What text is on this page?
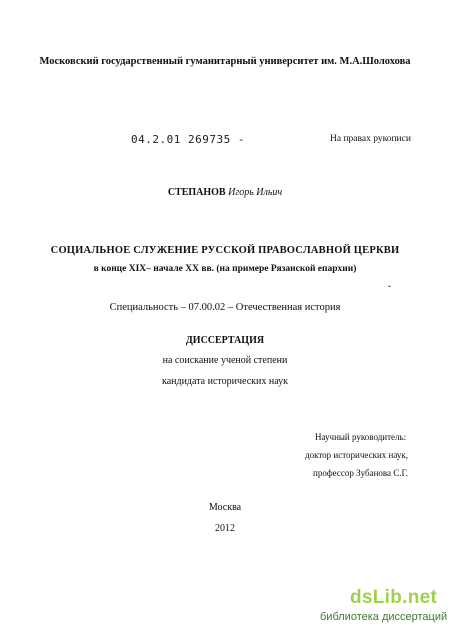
Московский государственный гуманитарный университет им. М.А.Шолохова
04.2.01 269735 -	На правах рукописи
СТЕПАНОВ Игорь Ильич
СОЦИАЛЬНОЕ СЛУЖЕНИЕ РУССКОЙ ПРАВОСЛАВНОЙ ЦЕРКВИ
в конце XIX– начале XX вв. (на примере Рязанской епархии)
ˇ
Специальность – 07.00.02 – Отечественная история
ДИССЕРТАЦИЯ
на соискание ученой степени
кандидата исторических наук
Научный руководитель:
доктор исторических наук,
профессор Зубанова С.Г.
Москва
2012
dsLib.net
библиотека диссертаций
